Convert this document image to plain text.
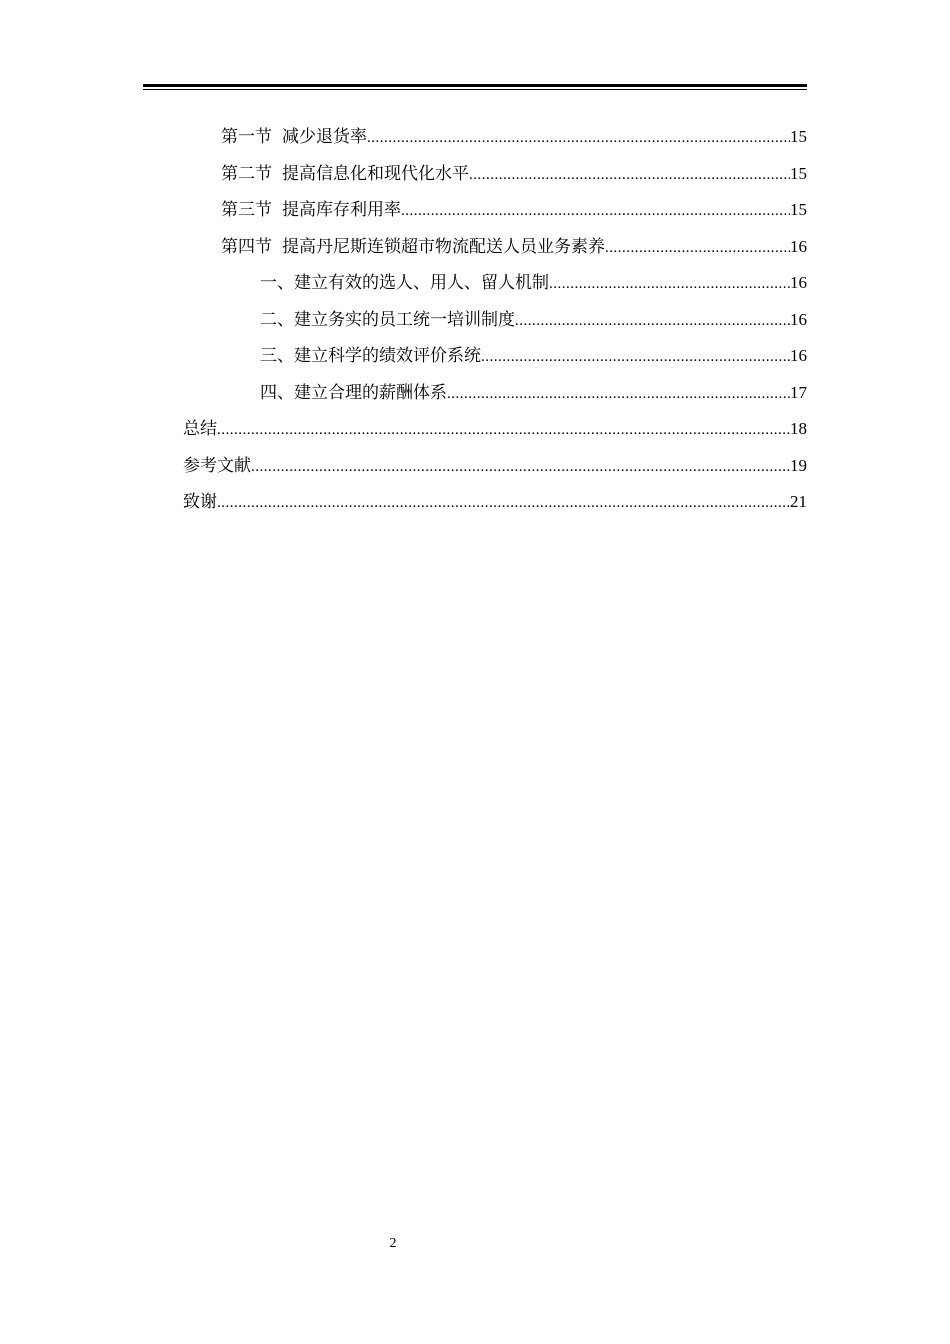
第一节 减少退货率 .....	15
第二节 提高信息化和现代化水平 .....	15
第三节 提高库存利用率 .....	15
第四节 提高丹尼斯连锁超市物流配送人员业务素养 .....	16
一、建立有效的选人、用人、留人机制 .....	16
二、建立务实的员工统一培训制度 .....	16
三、建立科学的绩效评价系统 .....	16
四、建立合理的薪酬体系 .....	17
总结 .....	18
参考文献 .....	19
致谢 .....	21
2
